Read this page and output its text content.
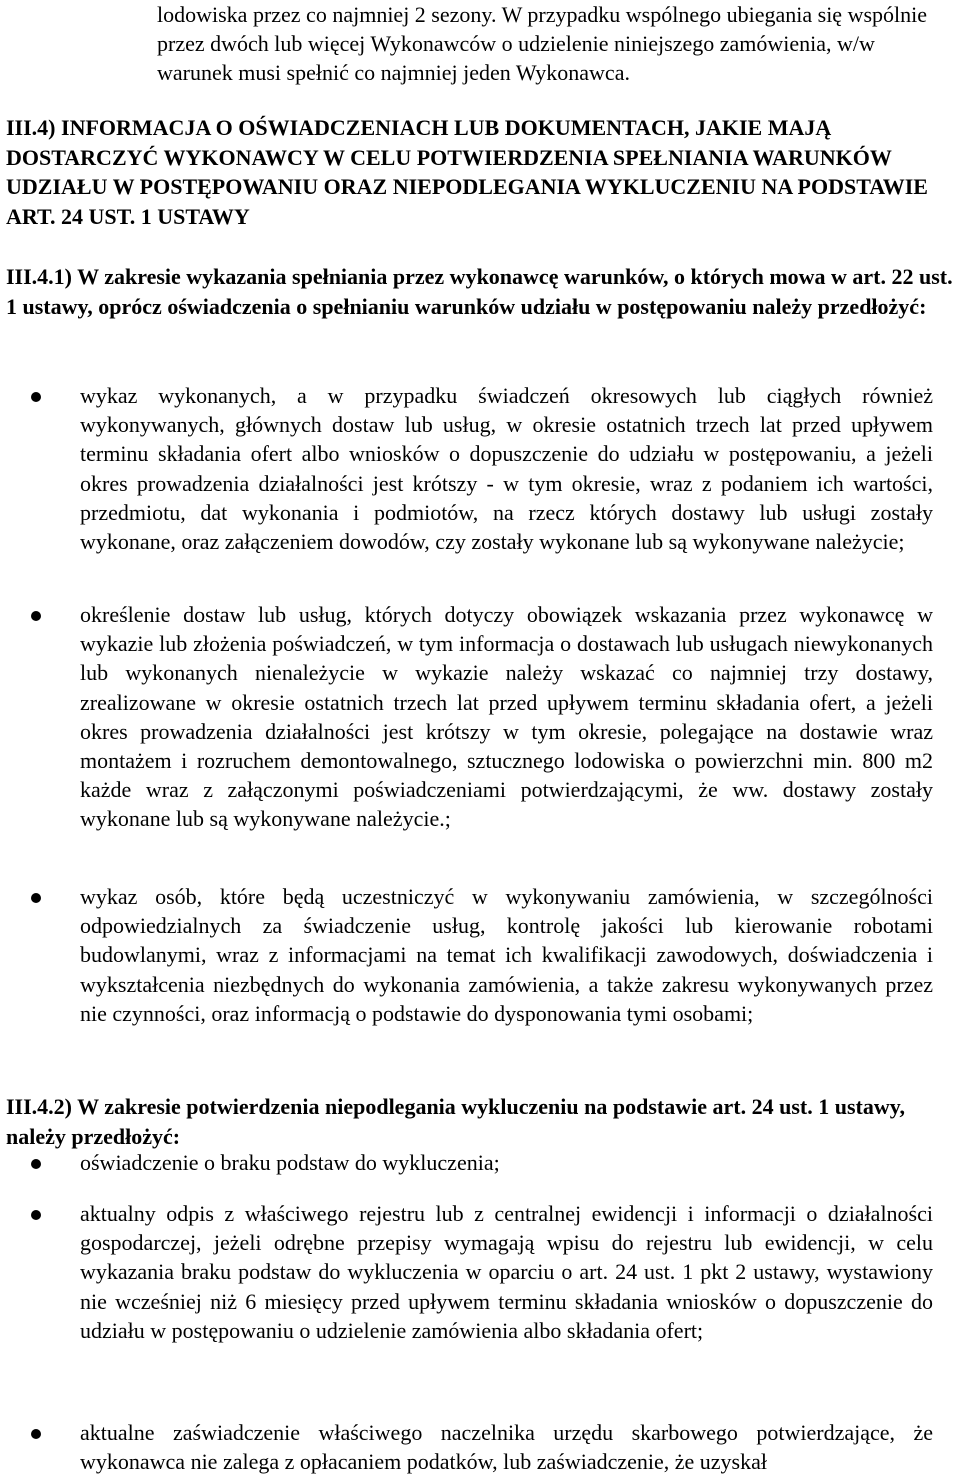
lodowiska przez co najmniej 2 sezony. W przypadku wspólnego ubiegania się wspólnie przez dwóch lub więcej Wykonawców o udzielenie niniejszego zamówienia, w/w warunek musi spełnić co najmniej jeden Wykonawca.
III.4) INFORMACJA O OŚWIADCZENIACH LUB DOKUMENTACH, JAKIE MAJĄ DOSTARCZYĆ WYKONAWCY W CELU POTWIERDZENIA SPEŁNIANIA WARUNKÓW UDZIAŁU W POSTĘPOWANIU ORAZ NIEPODLEGANIA WYKLUCZENIU NA PODSTAWIE ART. 24 UST. 1 USTAWY
III.4.1) W zakresie wykazania spełniania przez wykonawcę warunków, o których mowa w art. 22 ust. 1 ustawy, oprócz oświadczenia o spełnianiu warunków udziału w postępowaniu należy przedłożyć:
wykaz wykonanych, a w przypadku świadczeń okresowych lub ciągłych również wykonywanych, głównych dostaw lub usług, w okresie ostatnich trzech lat przed upływem terminu składania ofert albo wniosków o dopuszczenie do udziału w postępowaniu, a jeżeli okres prowadzenia działalności jest krótszy - w tym okresie, wraz z podaniem ich wartości, przedmiotu, dat wykonania i podmiotów, na rzecz których dostawy lub usługi zostały wykonane, oraz załączeniem dowodów, czy zostały wykonane lub są wykonywane należycie;
określenie dostaw lub usług, których dotyczy obowiązek wskazania przez wykonawcę w wykazie lub złożenia poświadczeń, w tym informacja o dostawach lub usługach niewykonanych lub wykonanych nienależycie w wykazie należy wskazać co najmniej trzy dostawy, zrealizowane w okresie ostatnich trzech lat przed upływem terminu składania ofert, a jeżeli okres prowadzenia działalności jest krótszy w tym okresie, polegające na dostawie wraz montażem i rozruchem demontowalnego, sztucznego lodowiska o powierzchni min. 800 m2 każde wraz z załączonymi poświadczeniami potwierdzającymi, że ww. dostawy zostały wykonane lub są wykonywane należycie.;
wykaz osób, które będą uczestniczyć w wykonywaniu zamówienia, w szczególności odpowiedzialnych za świadczenie usług, kontrolę jakości lub kierowanie robotami budowlanymi, wraz z informacjami na temat ich kwalifikacji zawodowych, doświadczenia i wykształcenia niezbędnych do wykonania zamówienia, a także zakresu wykonywanych przez nie czynności, oraz informacją o podstawie do dysponowania tymi osobami;
III.4.2) W zakresie potwierdzenia niepodlegania wykluczeniu na podstawie art. 24 ust. 1 ustawy, należy przedłożyć:
oświadczenie o braku podstaw do wykluczenia;
aktualny odpis z właściwego rejestru lub z centralnej ewidencji i informacji o działalności gospodarczej, jeżeli odrębne przepisy wymagają wpisu do rejestru lub ewidencji, w celu wykazania braku podstaw do wykluczenia w oparciu o art. 24 ust. 1 pkt 2 ustawy, wystawiony nie wcześniej niż 6 miesięcy przed upływem terminu składania wniosków o dopuszczenie do udziału w postępowaniu o udzielenie zamówienia albo składania ofert;
aktualne zaświadczenie właściwego naczelnika urzędu skarbowego potwierdzające, że wykonawca nie zalega z opłacaniem podatków, lub zaświadczenie, że uzyskał
